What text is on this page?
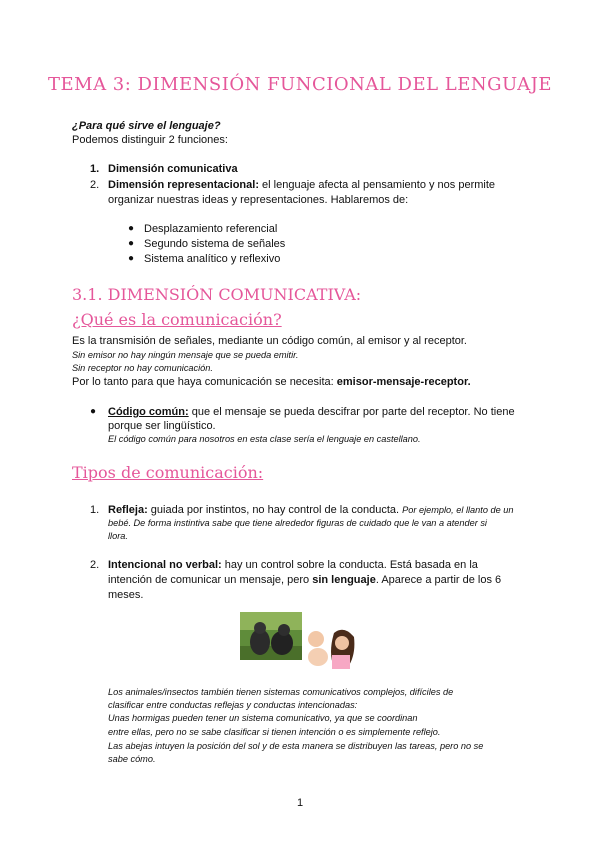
TEMA 3: DIMENSIÓN FUNCIONAL DEL LENGUAJE
¿Para qué sirve el lenguaje?
Podemos distinguir 2 funciones:
1. Dimensión comunicativa
2. Dimensión representacional: el lenguaje afecta al pensamiento y nos permite
organizar nuestras ideas y representaciones. Hablaremos de:
● Desplazamiento referencial
● Segundo sistema de señales
● Sistema analítico y reflexivo
3.1. DIMENSIÓN COMUNICATIVA:
¿Qué es la comunicación?
Es la transmisión de señales, mediante un código común, al emisor y al receptor.
Sin emisor no hay ningún mensaje que se pueda emitir.
Sin receptor no hay comunicación.
Por lo tanto para que haya comunicación se necesita: emisor-mensaje-receptor.
● Código común: que el mensaje se pueda descifrar por parte del receptor. No tiene
porque ser lingüístico.
El código común para nosotros en esta clase sería el lenguaje en castellano.
Tipos de comunicación:
1. Refleja: guiada por instintos, no hay control de la conducta. Por ejemplo, el llanto de un
bebé. De forma instintiva sabe que tiene alrededor figuras de cuidado que le van a atender si
llora.
2. Intencional no verbal: hay un control sobre la conducta. Está basada en la
intención de comunicar un mensaje, pero sin lenguaje. Aparece a partir de los 6
meses.
Los animales/insectos también tienen sistemas comunicativos complejos, difíciles de
clasificar entre conductas reflejas y conductas intencionadas:
Unas hormigas pueden tener un sistema comunicativo, ya que se coordinan
entre ellas, pero no se sabe clasificar si tienen intención o es simplemente reflejo.
Las abejas intuyen la posición del sol y de esta manera se distribuyen las tareas, pero no se
sabe cómo.
1
